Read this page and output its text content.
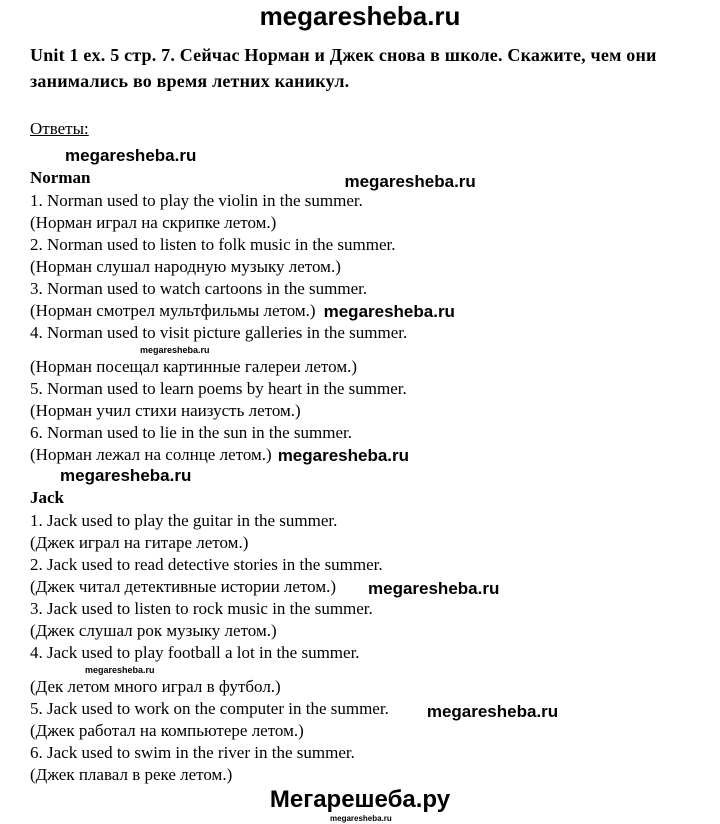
megaresheba.ru
Unit 1 ex. 5 стр. 7. Сейчас Норман и Джек снова в школе. Скажите, чем они занимались во время летних каникул.
Ответы:
megaresheba.ru
Norman	megaresheba.ru
1. Norman used to play the violin in the summer.
(Норман играл на скрипке летом.)
2. Norman used to listen to folk music in the summer.
(Норман слушал народную музыку летом.)
3. Norman used to watch cartoons in the summer.
(Норман смотрел мультфильмы летом.) megaresheba.ru
4. Norman used to visit picture galleries in the summer.
megaresheba.ru
(Норман посещал картинные галереи летом.)
5. Norman used to learn poems by heart in the summer.
(Норман учил стихи наизусть летом.)
6. Norman used to lie in the sun in the summer.
(Норман лежал на солнце летом.) megaresheba.ru
megaresheba.ru
Jack
1. Jack used to play the guitar in the summer.
(Джек играл на гитаре летом.)
2. Jack used to read detective stories in the summer.
(Джек читал детективные истории летом.) megaresheba.ru
3. Jack used to listen to rock music in the summer.
(Джек слушал рок музыку летом.)
4. Jack used to play football a lot in the summer.
megaresheba.ru
(Дек летом много играл в футбол.)
5. Jack used to work on the computer in the summer. megaresheba.ru
(Джек работал на компьютере летом.)
6. Jack used to swim in the river in the summer.
(Джек плавал в реке летом.)
Мегарешеба.ру
megaresheba.ru
